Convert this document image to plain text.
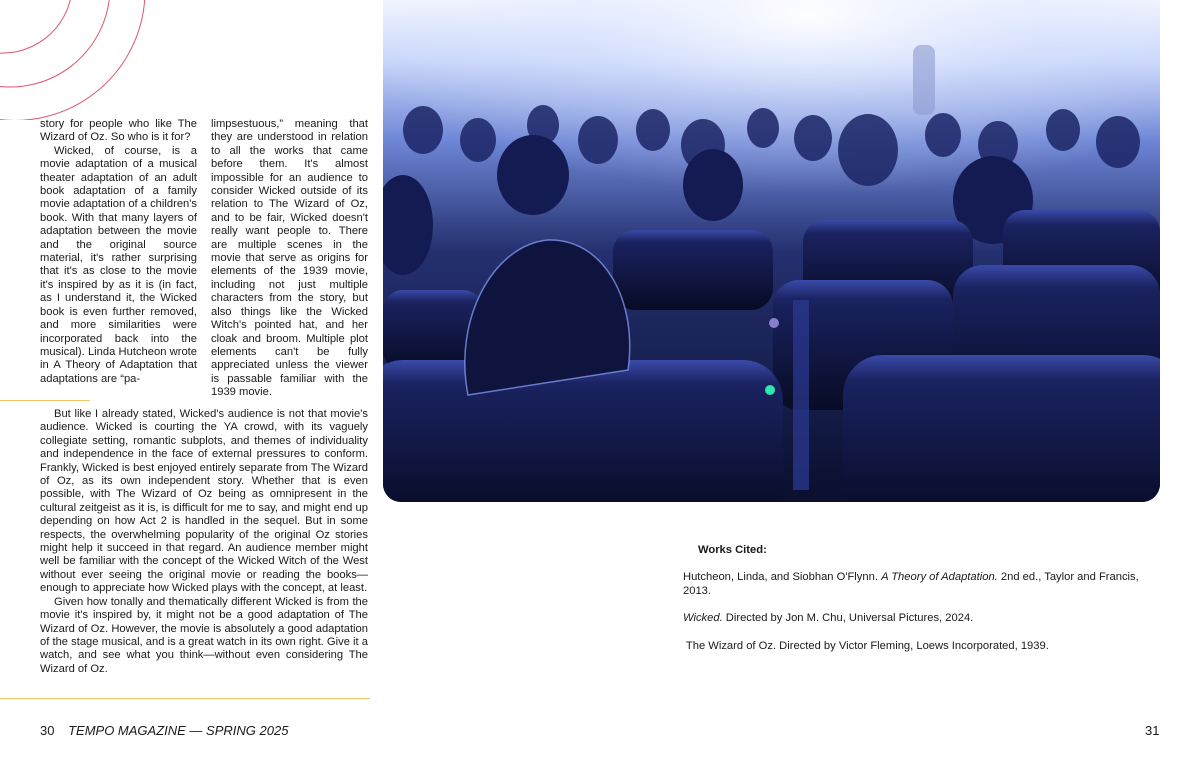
story for people who like The Wizard of Oz. So who is it for?

Wicked, of course, is a movie adaptation of a musical theater adaptation of an adult book adaptation of a family movie adaptation of a children's book. With that many layers of adaptation between the movie and the original source material, it's rather surprising that it's as close to the movie it's inspired by as it is (in fact, as I understand it, the Wicked book is even further removed, and more similarities were incorporated back into the musical). Linda Hutcheon wrote in A Theory of Adaptation that adaptations are “pa-

limpsestuous,” meaning that they are understood in relation to all the works that came before them. It's almost impossible for an audience to consider Wicked outside of its relation to The Wizard of Oz, and to be fair, Wicked doesn't really want people to. There are multiple scenes in the movie that serve as origins for elements of the 1939 movie, including not just multiple characters from the story, but also things like the Wicked Witch's pointed hat, and her cloak and broom. Multiple plot elements can't be fully appreciated unless the viewer is passable familiar with the 1939 movie.

But like I already stated, Wicked's audience is not that movie's audience. Wicked is courting the YA crowd, with its vaguely collegiate setting, romantic subplots, and themes of individuality and independence in the face of external pressures to conform. Frankly, Wicked is best enjoyed entirely separate from The Wizard of Oz, as its own independent story. Whether that is even possible, with The Wizard of Oz being as omnipresent in the cultural zeitgeist as it is, is difficult for me to say, and might end up depending on how Act 2 is handled in the sequel. But in some respects, the overwhelming popularity of the original Oz stories might help it succeed in that regard. An audience member might well be familiar with the concept of the Wicked Witch of the West without ever seeing the original movie or reading the books—enough to appreciate how Wicked plays with the concept, at least.

Given how tonally and thematically different Wicked is from the movie it's inspired by, it might not be a good adaptation of The Wizard of Oz. However, the movie is absolutely a good adaptation of the stage musical, and is a great watch in its own right. Give it a watch, and see what you think—without even considering The Wizard of Oz.

Works Cited:
Hutcheon, Linda, and Siobhan O'Flynn. A Theory of Adaptation. 2nd ed., Taylor and Francis, 2013.
Wicked. Directed by Jon M. Chu, Universal Pictures, 2024.
The Wizard of Oz. Directed by Victor Fleming, Loews Incorporated, 1939.
30 TEMPO MAGAZINE — SPRING 2025	31
